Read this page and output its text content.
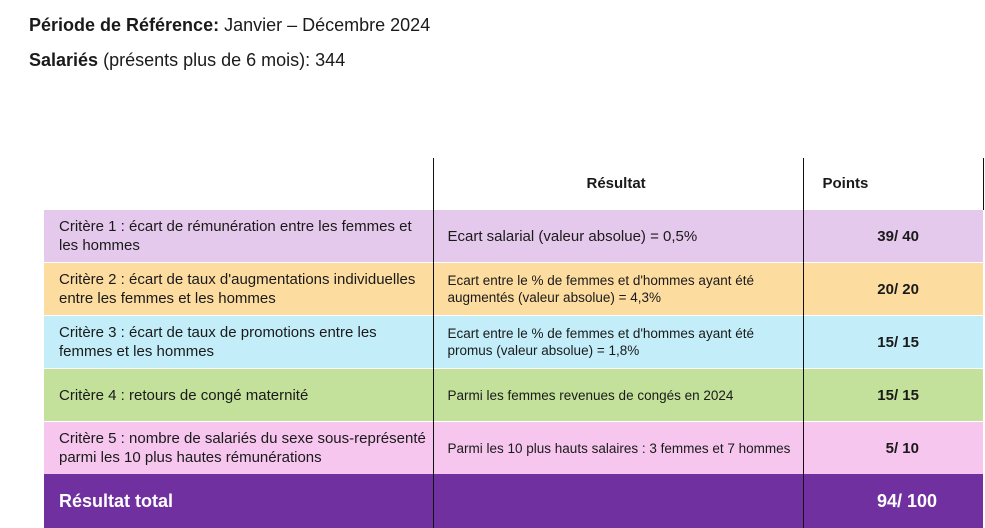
Période de Référence: Janvier – Décembre 2024
Salariés (présents plus de 6 mois): 344
	Résultat	Points
Critère 1 : écart de rémunération entre les femmes et les hommes	Ecart salarial (valeur absolue) = 0,5%	39/ 40
Critère 2 : écart de taux d'augmentations individuelles entre les femmes et les hommes	Ecart entre le % de femmes et d'hommes ayant été augmentés (valeur absolue) = 4,3%	20/ 20
Critère 3 : écart de taux de promotions entre les femmes et les hommes	Ecart entre le % de femmes et d'hommes ayant été promus (valeur absolue) = 1,8%	15/ 15
Critère 4 : retours de congé maternité	Parmi les femmes revenues de congés en 2024	15/ 15
Critère 5 : nombre de salariés du sexe sous-représenté parmi les 10 plus hautes rémunérations	Parmi les 10 plus hauts salaires : 3 femmes et 7 hommes	5/ 10
Résultat total		94/ 100
